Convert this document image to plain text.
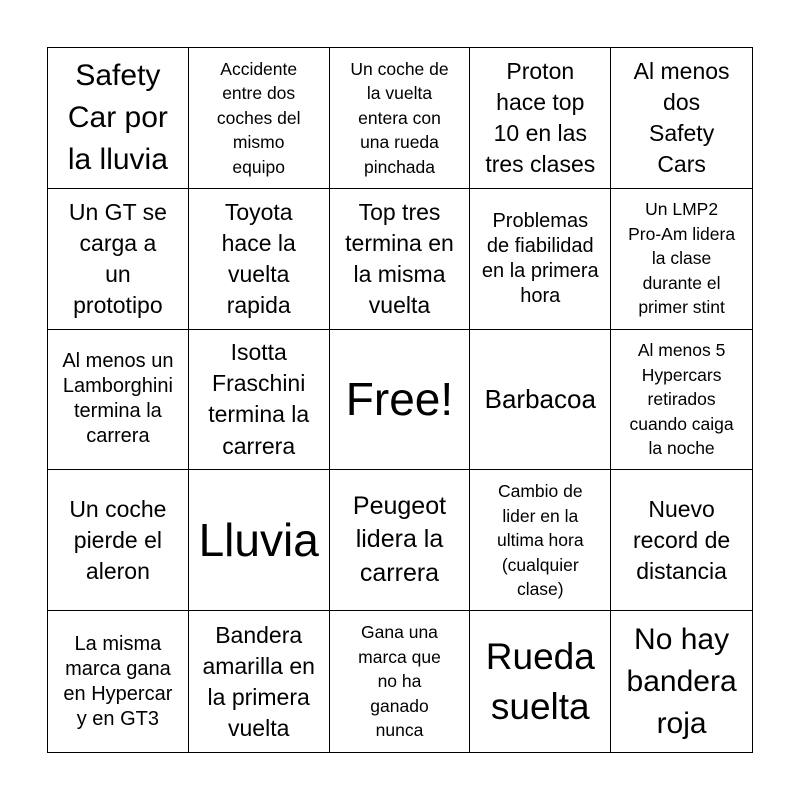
Safety
Car por
la lluvia
Accidente
entre dos
coches del
mismo
equipo
Un coche de
la vuelta
entera con
una rueda
pinchada
Proton
hace top
10 en las
tres clases
Al menos
dos
Safety
Cars
Un GT se
carga a
un
prototipo
Toyota
hace la
vuelta
rapida
Top tres
termina en
la misma
vuelta
Problemas
de fiabilidad
en la primera
hora
Un LMP2
Pro-Am lidera
la clase
durante el
primer stint
Al menos un
Lamborghini
termina la
carrera
Isotta
Fraschini
termina la
carrera
Free!	Barbacoa
Al menos 5
Hypercars
retirados
cuando caiga
la noche
Un coche
pierde el
aleron
Lluvia
Peugeot
lidera la
carrera
Cambio de
lider en la
ultima hora
(cualquier
clase)
Nuevo
record de
distancia
La misma
marca gana
en Hypercar
y en GT3
Bandera
amarilla en
la primera
vuelta
Gana una
marca que
no ha
ganado
nunca
Rueda
suelta
No hay
bandera
roja
